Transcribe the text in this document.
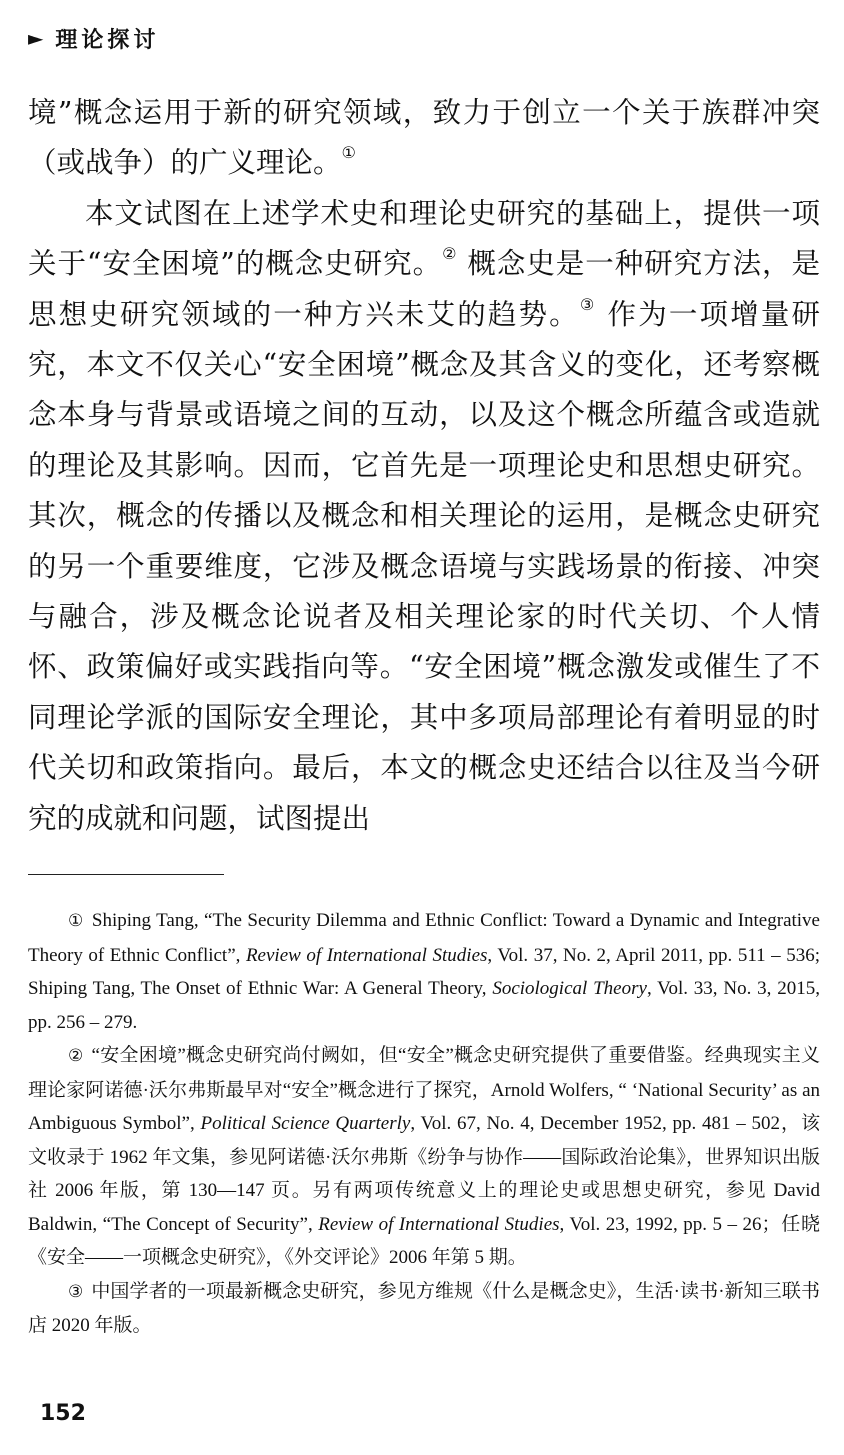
► 理论探讨

境”概念运用于新的研究领域，致力于创立一个关于族群冲突（或战争）的广义理论。①

本文试图在上述学术史和理论史研究的基础上，提供一项关于“安全困境”的概念史研究。② 概念史是一种研究方法，是思想史研究领域的一种方兴未艾的趋势。③ 作为一项增量研究，本文不仅关心“安全困境”概念及其含义的变化，还考察概念本身与背景或语境之间的互动，以及这个概念所蕴含或造就的理论及其影响。因而，它首先是一项理论史和思想史研究。其次，概念的传播以及概念和相关理论的运用，是概念史研究的另一个重要维度，它涉及概念语境与实践场景的衔接、冲突与融合，涉及概念论说者及相关理论家的时代关切、个人情怀、政策偏好或实践指向等。“安全困境”概念激发或催生了不同理论学派的国际安全理论，其中多项局部理论有着明显的时代关切和政策指向。最后，本文的概念史还结合以往及当今研究的成就和问题，试图提出

① Shiping Tang, “The Security Dilemma and Ethnic Conflict: Toward a Dynamic and Integrative Theory of Ethnic Conflict”, Review of International Studies, Vol. 37, No. 2, April 2011, pp. 511 – 536; Shiping Tang, The Onset of Ethnic War: A General Theory, Sociological Theory, Vol. 33, No. 3, 2015, pp. 256 – 279.

② “安全困境”概念史研究尚付阙如，但“安全”概念史研究提供了重要借鉴。经典现实主义理论家阿诺德·沃尔弗斯最早对“安全”概念进行了探究，Arnold Wolfers, “ ‘National Security’ as an Ambiguous Symbol”, Political Science Quarterly, Vol. 67, No. 4, December 1952, pp. 481 – 502，该文收录于 1962 年文集，参见阿诺德·沃尔弗斯《纷争与协作——国际政治论集》，世界知识出版社 2006 年版，第 130—147 页。另有两项传统意义上的理论史或思想史研究，参见 David Baldwin, “The Concept of Security”, Review of International Studies, Vol. 23, 1992, pp. 5 – 26；任晓《安全——一项概念史研究》，《外交评论》2006 年第 5 期。

③ 中国学者的一项最新概念史研究，参见方维规《什么是概念史》，生活·读书·新知三联书店 2020 年版。

152
